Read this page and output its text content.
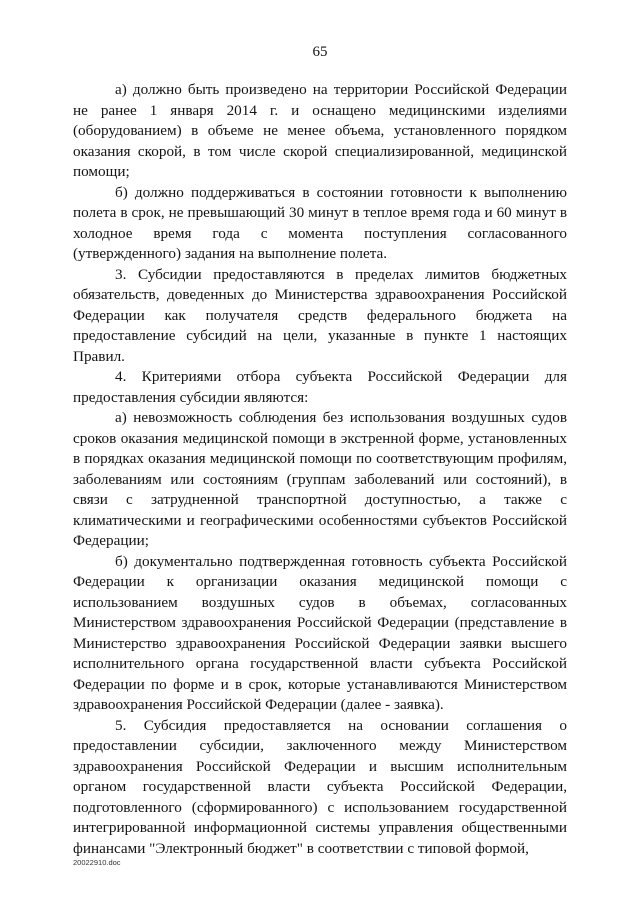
65

а) должно быть произведено на территории Российской Федерации не ранее 1 января 2014 г. и оснащено медицинскими изделиями (оборудованием) в объеме не менее объема, установленного порядком оказания скорой, в том числе скорой специализированной, медицинской помощи;

б) должно поддерживаться в состоянии готовности к выполнению полета в срок, не превышающий 30 минут в теплое время года и 60 минут в холодное время года с момента поступления согласованного (утвержденного) задания на выполнение полета.

3. Субсидии предоставляются в пределах лимитов бюджетных обязательств, доведенных до Министерства здравоохранения Российской Федерации как получателя средств федерального бюджета на предоставление субсидий на цели, указанные в пункте 1 настоящих Правил.

4. Критериями отбора субъекта Российской Федерации для предоставления субсидии являются:

а) невозможность соблюдения без использования воздушных судов сроков оказания медицинской помощи в экстренной форме, установленных в порядках оказания медицинской помощи по соответствующим профилям, заболеваниям или состояниям (группам заболеваний или состояний), в связи с затрудненной транспортной доступностью, а также с климатическими и географическими особенностями субъектов Российской Федерации;

б) документально подтвержденная готовность субъекта Российской Федерации к организации оказания медицинской помощи с использованием воздушных судов в объемах, согласованных Министерством здравоохранения Российской Федерации (представление в Министерство здравоохранения Российской Федерации заявки высшего исполнительного органа государственной власти субъекта Российской Федерации по форме и в срок, которые устанавливаются Министерством здравоохранения Российской Федерации (далее - заявка).

5. Субсидия предоставляется на основании соглашения о предоставлении субсидии, заключенного между Министерством здравоохранения Российской Федерации и высшим исполнительным органом государственной власти субъекта Российской Федерации, подготовленного (сформированного) с использованием государственной интегрированной информационной системы управления общественными финансами "Электронный бюджет" в соответствии с типовой формой,

20022910.doc
